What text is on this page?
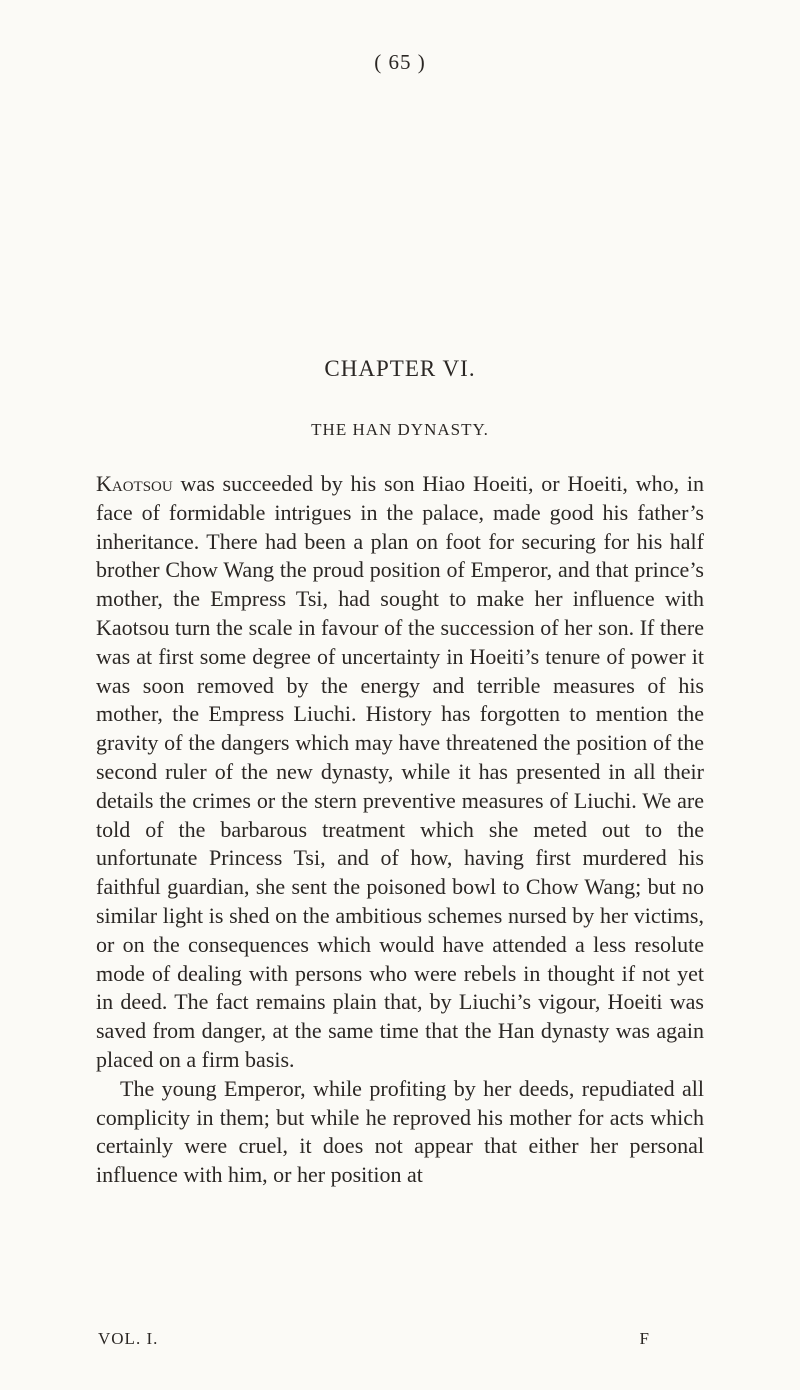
( 65 )
CHAPTER VI.
THE HAN DYNASTY.

Kaotsou was succeeded by his son Hiao Hoeiti, or Hoeiti, who, in face of formidable intrigues in the palace, made good his father’s inheritance. There had been a plan on foot for securing for his half brother Chow Wang the proud position of Emperor, and that prince’s mother, the Empress Tsi, had sought to make her influence with Kaotsou turn the scale in favour of the succession of her son. If there was at first some degree of uncertainty in Hoeiti’s tenure of power it was soon removed by the energy and terrible measures of his mother, the Empress Liuchi. History has forgotten to mention the gravity of the dangers which may have threatened the position of the second ruler of the new dynasty, while it has presented in all their details the crimes or the stern preventive measures of Liuchi. We are told of the barbarous treatment which she meted out to the unfortunate Princess Tsi, and of how, having first murdered his faithful guardian, she sent the poisoned bowl to Chow Wang; but no similar light is shed on the ambitious schemes nursed by her victims, or on the consequences which would have attended a less resolute mode of dealing with persons who were rebels in thought if not yet in deed. The fact remains plain that, by Liuchi’s vigour, Hoeiti was saved from danger, at the same time that the Han dynasty was again placed on a firm basis.

The young Emperor, while profiting by her deeds, repudiated all complicity in them; but while he reproved his mother for acts which certainly were cruel, it does not appear that either her personal influence with him, or her position at

VOL. I.	F
